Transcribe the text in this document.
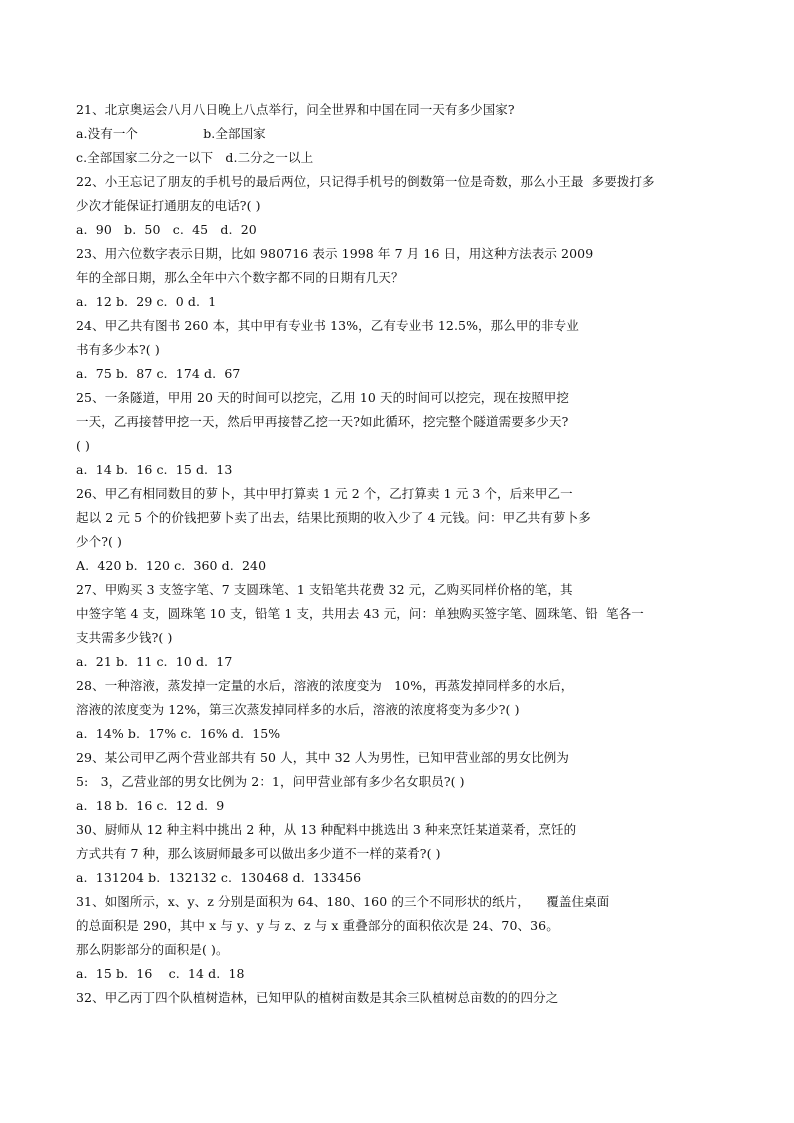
21、北京奥运会八月八日晚上八点举行，问全世界和中国在同一天有多少国家?
a.没有一个                b.全部国家
c.全部国家二分之一以下   d.二分之一以上
22、小王忘记了朋友的手机号的最后两位，只记得手机号的倒数第一位是奇数，那么小王最  多要拨打多
少次才能保证打通朋友的电话?( )
a.  90   b.  50   c.  45   d.  20
23、用六位数字表示日期，比如 980716 表示 1998 年 7 月 16 日，用这种方法表示 2009
年的全部日期，那么全年中六个数字都不同的日期有几天？
a.  12 b.  29 c.  0 d.  1
24、甲乙共有图书 260 本，其中甲有专业书 13%，乙有专业书 12.5%，那么甲的非专业
书有多少本?( )
a.  75 b.  87 c.  174 d.  67
25、一条隧道，甲用 20 天的时间可以挖完，乙用 10 天的时间可以挖完，现在按照甲挖
一天，乙再接替甲挖一天，然后甲再接替乙挖一天?如此循环，挖完整个隧道需要多少天?
( )
a.  14 b.  16 c.  15 d.  13
26、甲乙有相同数目的萝卜，其中甲打算卖 1 元 2 个，乙打算卖 1 元 3 个，后来甲乙一
起以 2 元 5 个的价钱把萝卜卖了出去，结果比预期的收入少了 4 元钱。问：甲乙共有萝卜多
少个?( )
A.  420 b.  120 c.  360 d.  240
27、甲购买 3 支签字笔、7 支圆珠笔、1 支铅笔共花费 32 元，乙购买同样价格的笔，其
中签字笔 4 支，圆珠笔 10 支，铅笔 1 支，共用去 43 元，问：单独购买签字笔、圆珠笔、铅  笔各一
支共需多少钱?( )
a.  21 b.  11 c.  10 d.  17
28、一种溶液，蒸发掉一定量的水后，溶液的浓度变为   10%，再蒸发掉同样多的水后，
溶液的浓度变为 12%，第三次蒸发掉同样多的水后，溶液的浓度将变为多少?( )
a.  14% b.  17% c.  16% d.  15%
29、某公司甲乙两个营业部共有 50 人，其中 32 人为男性，已知甲营业部的男女比例为
5:   3，乙营业部的男女比例为 2：1，问甲营业部有多少名女职员?( )
a.  18 b.  16 c.  12 d.  9
30、厨师从 12 种主料中挑出 2 种，从 13 种配料中挑选出 3 种来烹饪某道菜肴，烹饪的
方式共有 7 种，那么该厨师最多可以做出多少道不一样的菜肴?( )
a.  131204 b.  132132 c.  130468 d.  133456
31、如图所示，x、y、z 分别是面积为 64、180、160 的三个不同形状的纸片，    覆盖住桌面
的总面积是 290，其中 x 与 y、y 与 z、z 与 x 重叠部分的面积依次是 24、70、36。
那么阴影部分的面积是( )。
a.  15 b.  16    c.  14 d.  18
32、甲乙丙丁四个队植树造林，已知甲队的植树亩数是其余三队植树总亩数的的四分之
